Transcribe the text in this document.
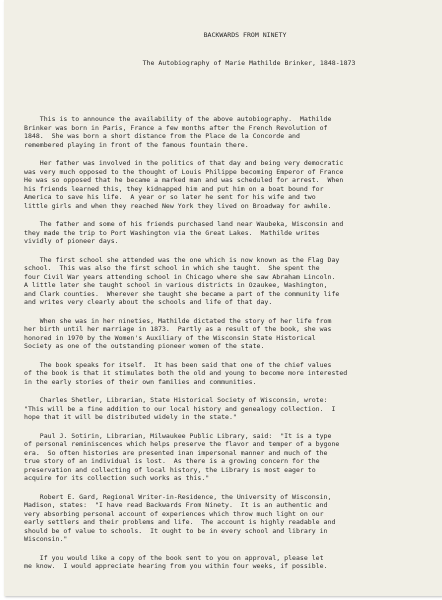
BACKWARDS FROM NINETY

The Autobiography of Marie Mathilde Brinker, 1848-1873

This is to announce the availability of the above autobiography.  Mathilde
Brinker was born in Paris, France a few months after the French Revolution of
1848.  She was born a short distance from the Place de la Concorde and
remembered playing in front of the famous fountain there.
Her father was involved in the politics of that day and being very democratic
was very much opposed to the thought of Louis Philippe becoming Emperor of France
He was so opposed that he became a marked man and was scheduled for arrest.  When
his friends learned this, they kidnapped him and put him on a boat bound for
America to save his life.  A year or so later he sent for his wife and two
little girls and when they reached New York they lived on Broadway for awhile.
The father and some of his friends purchased land near Waubeka, Wisconsin and
they made the trip to Port Washington via the Great Lakes.  Mathilde writes
vividly of pioneer days.
The first school she attended was the one which is now known as the Flag Day
school.  This was also the first school in which she taught.  She spent the
four Civil War years attending school in Chicago where she saw Abraham Lincoln.
A little later she taught school in various districts in Ozaukee, Washington,
and Clark counties.  Wherever she taught she became a part of the community life
and writes very clearly about the schools and life of that day.
When she was in her nineties, Mathilde dictated the story of her life from
her birth until her marriage in 1873.  Partly as a result of the book, she was
honored in 1970 by the Women's Auxiliary of the Wisconsin State Historical
Society as one of the outstanding pioneer women of the state.
The book speaks for itself.  It has been said that one of the chief values
of the book is that it stimulates both the old and young to become more interested
in the early stories of their own families and communities.
Charles Shetler, Librarian, State Historical Society of Wisconsin, wrote:
"This will be a fine addition to our local history and genealogy collection.  I
hope that it will be distributed widely in the state."
Paul J. Sotirin, Librarian, Milwaukee Public Library, said:  "It is a type
of personal reminiscences which helps preserve the flavor and temper of a bygone
era.  So often histories are presented inan impersonal manner and much of the
true story of an individual is lost.  As there is a growing concern for the
preservation and collecting of local history, the Library is most eager to
acquire for its collection such works as this."
Robert E. Gard, Regional Writer-in-Residence, the University of Wisconsin,
Madison, states:  "I have read Backwards From Ninety.  It is an authentic and
very absorbing personal account of experiences which throw much light on our
early settlers and their problems and life.  The account is highly readable and
should be of value to schools.  It ought to be in every school and library in
Wisconsin."
If you would like a copy of the book sent to you on approval, please let
me know.  I would appreciate hearing from you within four weeks, if possible.
